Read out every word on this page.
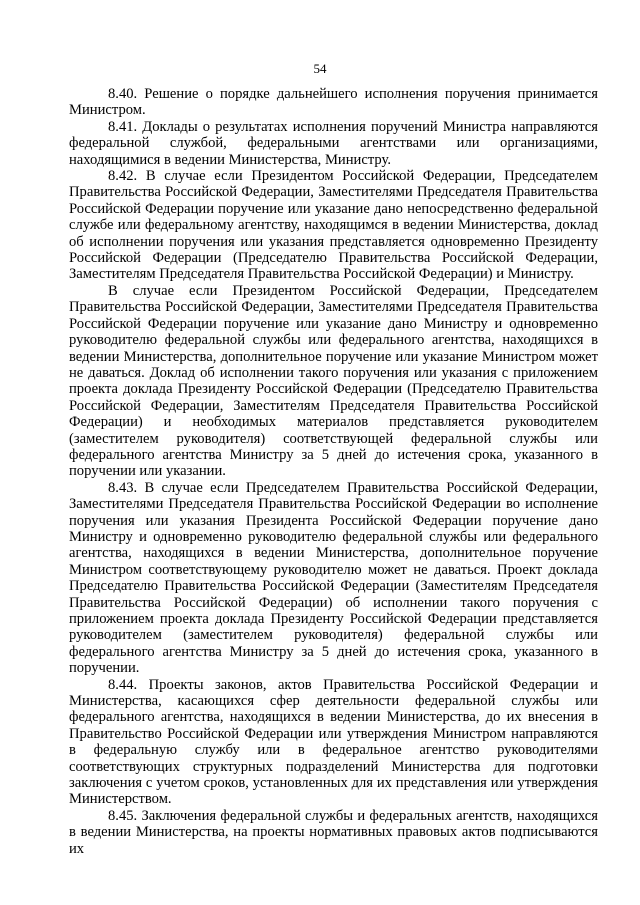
54

8.40. Решение о порядке дальнейшего исполнения поручения принимается Министром.

8.41. Доклады о результатах исполнения поручений Министра направляются федеральной службой, федеральными агентствами или организациями, находящимися в ведении Министерства, Министру.

8.42. В случае если Президентом Российской Федерации, Председателем Правительства Российской Федерации, Заместителями Председателя Правительства Российской Федерации поручение или указание дано непосредственно федеральной службе или федеральному агентству, находящимся в ведении Министерства, доклад об исполнении поручения или указания представляется одновременно Президенту Российской Федерации (Председателю Правительства Российской Федерации, Заместителям Председателя Правительства Российской Федерации) и Министру.

В случае если Президентом Российской Федерации, Председателем Правительства Российской Федерации, Заместителями Председателя Правительства Российской Федерации поручение или указание дано Министру и одновременно руководителю федеральной службы или федерального агентства, находящихся в ведении Министерства, дополнительное поручение или указание Министром может не даваться. Доклад об исполнении такого поручения или указания с приложением проекта доклада Президенту Российской Федерации (Председателю Правительства Российской Федерации, Заместителям Председателя Правительства Российской Федерации) и необходимых материалов представляется руководителем (заместителем руководителя) соответствующей федеральной службы или федерального агентства Министру за 5 дней до истечения срока, указанного в поручении или указании.

8.43. В случае если Председателем Правительства Российской Федерации, Заместителями Председателя Правительства Российской Федерации во исполнение поручения или указания Президента Российской Федерации поручение дано Министру и одновременно руководителю федеральной службы или федерального агентства, находящихся в ведении Министерства, дополнительное поручение Министром соответствующему руководителю может не даваться. Проект доклада Председателю Правительства Российской Федерации (Заместителям Председателя Правительства Российской Федерации) об исполнении такого поручения с приложением проекта доклада Президенту Российской Федерации представляется руководителем (заместителем руководителя) федеральной службы или федерального агентства Министру за 5 дней до истечения срока, указанного в поручении.

8.44. Проекты законов, актов Правительства Российской Федерации и Министерства, касающихся сфер деятельности федеральной службы или федерального агентства, находящихся в ведении Министерства, до их внесения в Правительство Российской Федерации или утверждения Министром направляются в федеральную службу или в федеральное агентство руководителями соответствующих структурных подразделений Министерства для подготовки заключения с учетом сроков, установленных для их представления или утверждения Министерством.

8.45. Заключения федеральной службы и федеральных агентств, находящихся в ведении Министерства, на проекты нормативных правовых актов подписываются их
